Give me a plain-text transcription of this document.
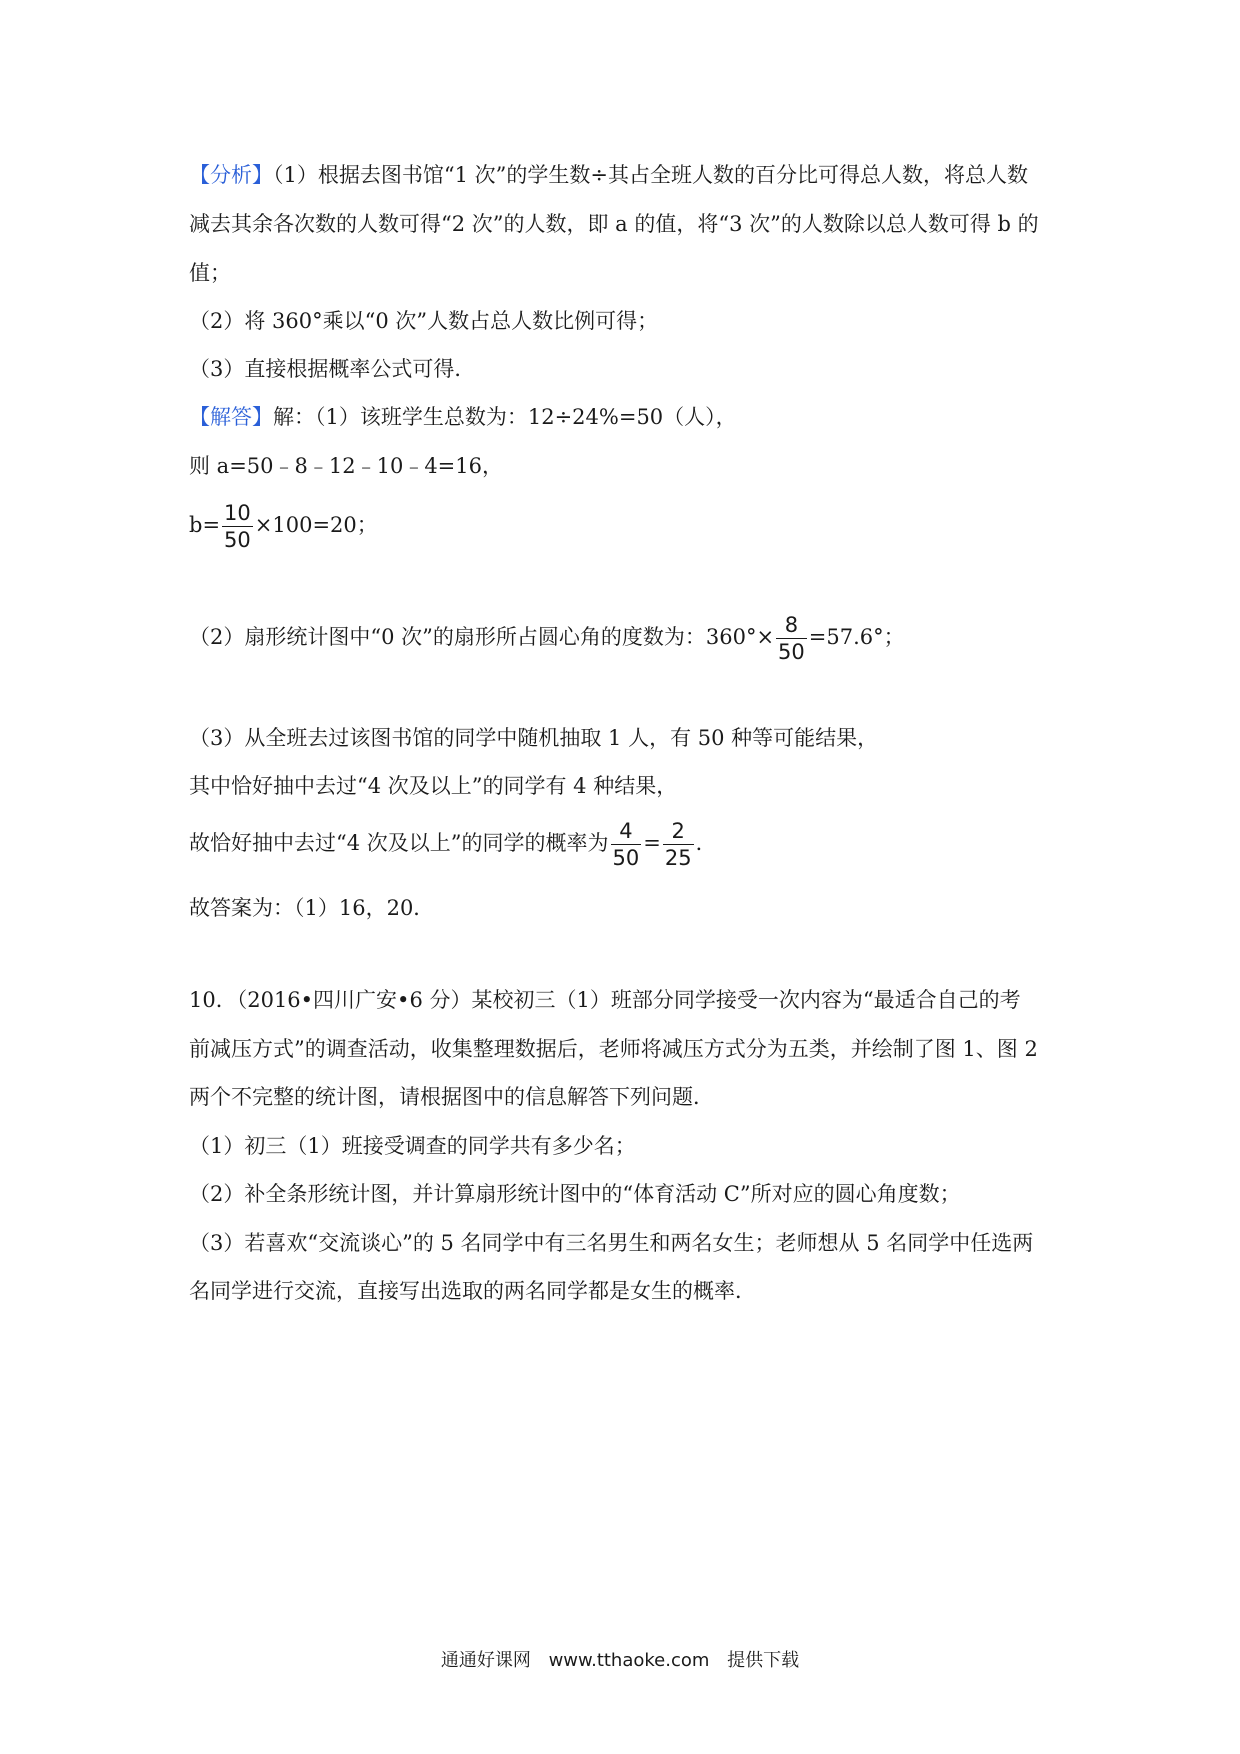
【分析】（1）根据去图书馆“1 次”的学生数÷其占全班人数的百分比可得总人数，将总人数
减去其余各次数的人数可得“2 次”的人数，即 a 的值，将“3 次”的人数除以总人数可得 b 的
值；
（2）将 360°乘以“0 次”人数占总人数比例可得；
（3）直接根据概率公式可得．
【解答】解：（1）该班学生总数为：12÷24%=50（人），
则 a=50﹣8﹣12﹣10﹣4=16，
$b= \frac{10}{50} \times 100=20$；
（2）扇形统计图中“0 次”的扇形所占圆心角的度数为：$360^\circ\times \frac{8}{50} =57.6^\circ$；
（3）从全班去过该图书馆的同学中随机抽取 1 人，有 50 种等可能结果，
其中恰好抽中去过“4 次及以上”的同学有 4 种结果，
故恰好抽中去过“4 次及以上”的同学的概率为 $\frac{4}{50} = \frac{2}{25}$ ．
故答案为：（1）16，20．
10．（2016•四川广安•6 分）某校初三（1）班部分同学接受一次内容为“最适合自己的考
前减压方式”的调查活动，收集整理数据后，老师将减压方式分为五类，并绘制了图 1、图 2
两个不完整的统计图，请根据图中的信息解答下列问题．
（1）初三（1）班接受调查的同学共有多少名；
（2）补全条形统计图，并计算扇形统计图中的“体育活动 C”所对应的圆心角度数；
（3）若喜欢“交流谈心”的 5 名同学中有三名男生和两名女生；老师想从 5 名同学中任选两
名同学进行交流，直接写出选取的两名同学都是女生的概率．
通通好课网 www.tthaoke.com 提供下载
